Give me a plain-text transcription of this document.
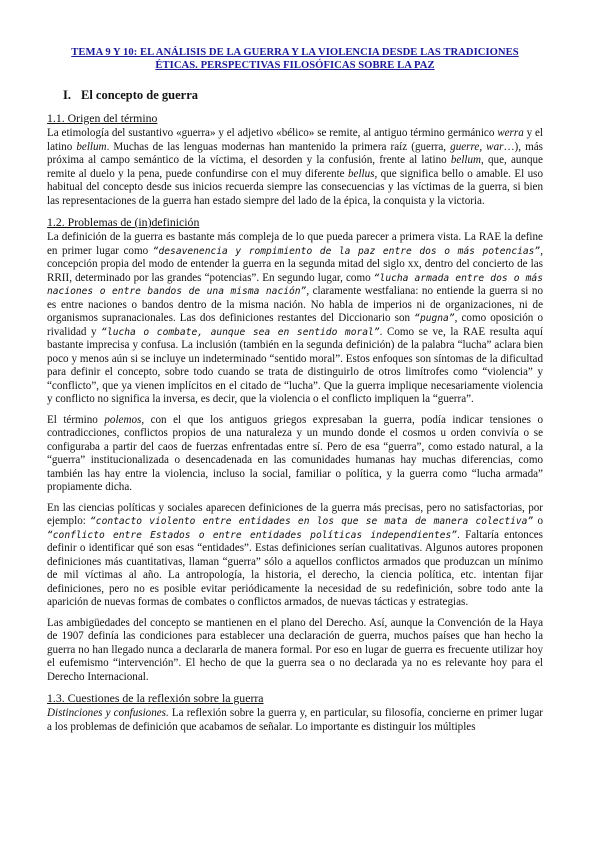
TEMA 9 Y 10: EL ANÁLISIS DE LA GUERRA Y LA VIOLENCIA DESDE LAS TRADICIONES
ÉTICAS. PERSPECTIVAS FILOSÓFICAS SOBRE LA PAZ
I. El concepto de guerra
1.1. Origen del término

La etimología del sustantivo «guerra» y el adjetivo «bélico» se remite, al antiguo término germánico werra y el latino bellum. Muchas de las lenguas modernas han mantenido la primera raíz (guerra, guerre, war…), más próxima al campo semántico de la víctima, el desorden y la confusión, frente al latino bellum, que, aunque remite al duelo y la pena, puede confundirse con el muy diferente bellus, que significa bello o amable. El uso habitual del concepto desde sus inicios recuerda siempre las consecuencias y las víctimas de la guerra, si bien las representaciones de la guerra han estado siempre del lado de la épica, la conquista y la victoria.

1.2. Problemas de (in)definición

La definición de la guerra es bastante más compleja de lo que pueda parecer a primera vista. La RAE la define en primer lugar como “desavenencia y rompimiento de la paz entre dos o más potencias”, concepción propia del modo de entender la guerra en la segunda mitad del siglo xx, dentro del concierto de las RRII, determinado por las grandes “potencias”. En segundo lugar, como “lucha armada entre dos o más naciones o entre bandos de una misma nación”, claramente westfaliana: no entiende la guerra si no es entre naciones o bandos dentro de la misma nación. No habla de imperios ni de organizaciones, ni de organismos supranacionales. Las dos definiciones restantes del Diccionario son “pugna”, como oposición o rivalidad y “lucha o combate, aunque sea en sentido moral”. Como se ve, la RAE resulta aquí bastante imprecisa y confusa. La inclusión (también en la segunda definición) de la palabra “lucha” aclara bien poco y menos aún si se incluye un indeterminado “sentido moral”. Estos enfoques son síntomas de la dificultad para definir el concepto, sobre todo cuando se trata de distinguirlo de otros limítrofes como “violencia” y “conflicto”, que ya vienen implícitos en el citado de “lucha”. Que la guerra implique necesariamente violencia y conflicto no significa la inversa, es decir, que la violencia o el conflicto impliquen la “guerra”.

El término polemos, con el que los antiguos griegos expresaban la guerra, podía indicar tensiones o contradicciones, conflictos propios de una naturaleza y un mundo donde el cosmos u orden convivía o se configuraba a partir del caos de fuerzas enfrentadas entre sí. Pero de esa “guerra”, como estado natural, a la “guerra” institucionalizada o desencadenada en las comunidades humanas hay muchas diferencias, como también las hay entre la violencia, incluso la social, familiar o política, y la guerra como “lucha armada” propiamente dicha.

En las ciencias políticas y sociales aparecen definiciones de la guerra más precisas, pero no satisfactorias, por ejemplo: “contacto violento entre entidades en los que se mata de manera colectiva” o “conflicto entre Estados o entre entidades políticas independientes”. Faltaría entonces definir o identificar qué son esas “entidades”. Estas definiciones serían cualitativas. Algunos autores proponen definiciones más cuantitativas, llaman “guerra” sólo a aquellos conflictos armados que produzcan un mínimo de mil víctimas al año. La antropología, la historia, el derecho, la ciencia política, etc. intentan fijar definiciones, pero no es posible evitar periódicamente la necesidad de su redefinición, sobre todo ante la aparición de nuevas formas de combates o conflictos armados, de nuevas tácticas y estrategias.

Las ambigüedades del concepto se mantienen en el plano del Derecho. Así, aunque la Convención de la Haya de 1907 definía las condiciones para establecer una declaración de guerra, muchos países que han hecho la guerra no han llegado nunca a declararla de manera formal. Por eso en lugar de guerra es frecuente utilizar hoy el eufemismo “intervención”. El hecho de que la guerra sea o no declarada ya no es relevante hoy para el Derecho Internacional.

1.3. Cuestiones de la reflexión sobre la guerra

Distinciones y confusiones. La reflexión sobre la guerra y, en particular, su filosofía, concierne en primer lugar a los problemas de definición que acabamos de señalar. Lo importante es distinguir los múltiples
